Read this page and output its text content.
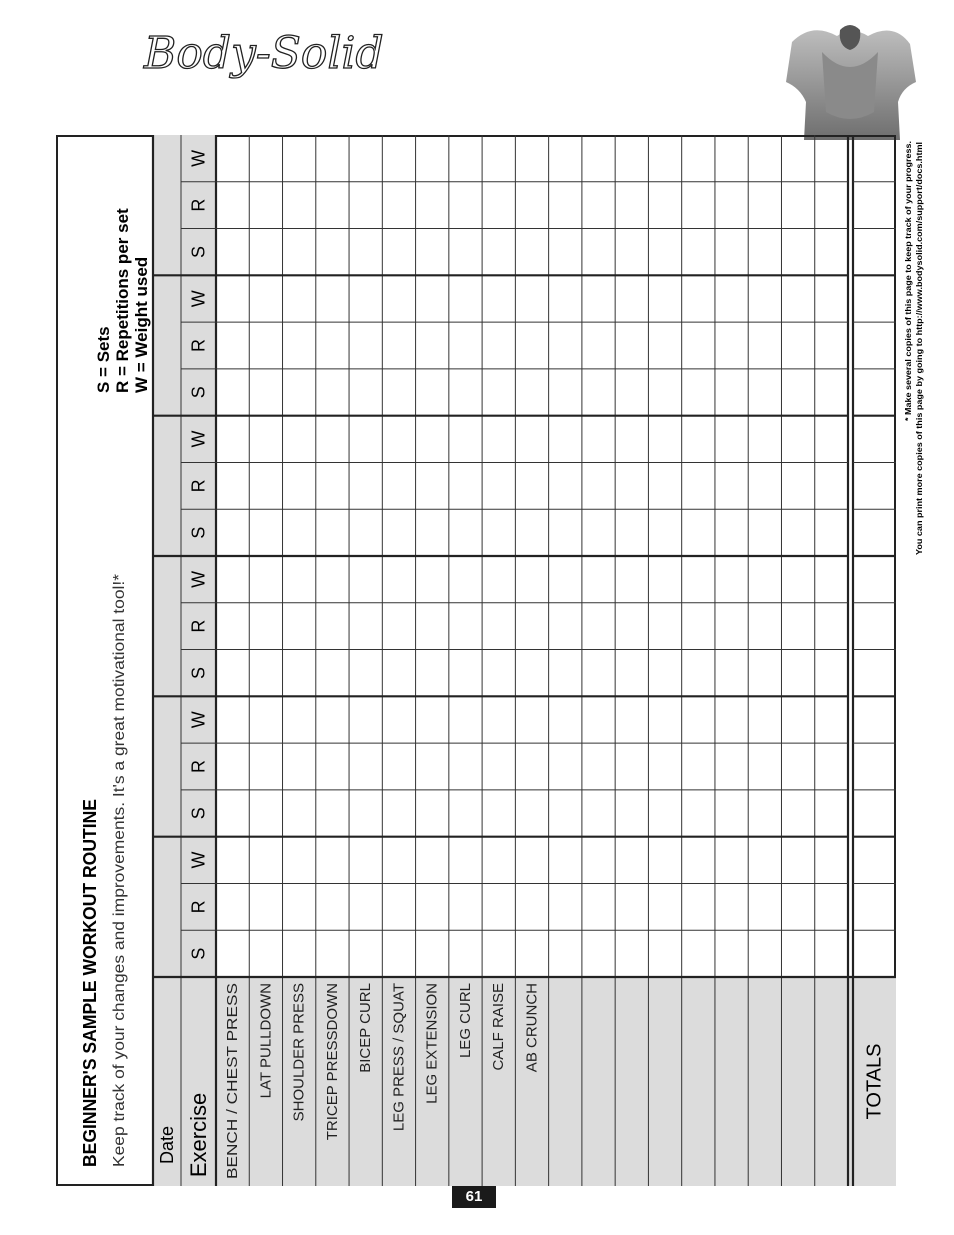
Body-Solid
S
R
W
S
R
W
S
R
W
S
R
W
S
R
W
S
R
W
Date Exercise BENCH / CHEST PRESS LAT PULLDOWN SHOULDER PRESS TRICEP PRESSDOWN BICEP CURL LEG PRESS / SQUAT LEG EXTENSION LEG CURL CALF RAISE AB CRUNCH
TOTALS
BEGINNER'S SAMPLE WORKOUT ROUTINE Keep track of your changes and improvements. It's a great motivational tool!*
S = Sets R = Repetitions per set W = Weight used	* Make several copies of this page to keep track of your progress. You can print more copies of this page by going to http://www.bodysolid.com/support/docs.html
61
